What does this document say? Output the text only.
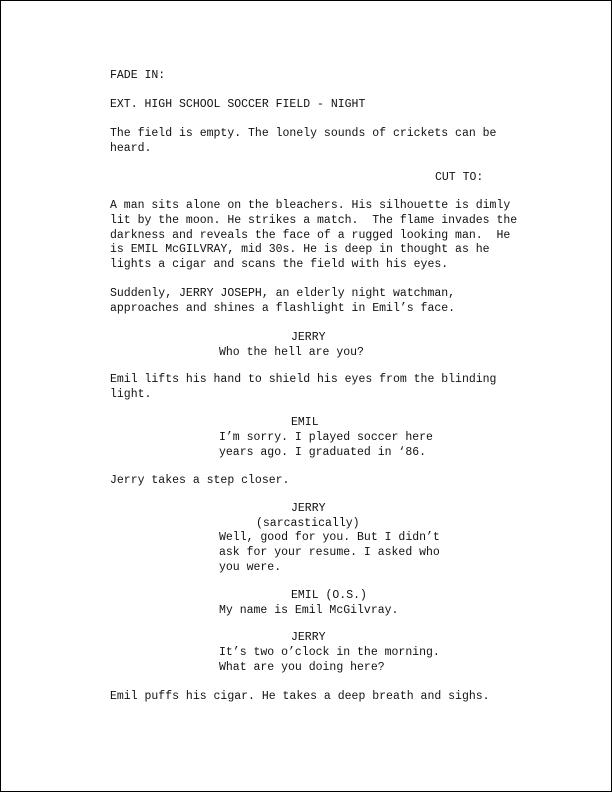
FADE IN:
EXT. HIGH SCHOOL SOCCER FIELD - NIGHT
The field is empty. The lonely sounds of crickets can be
heard.
CUT TO:
A man sits alone on the bleachers. His silhouette is dimly
lit by the moon. He strikes a match.  The flame invades the
darkness and reveals the face of a rugged looking man.  He
is EMIL McGILVRAY, mid 30s. He is deep in thought as he
lights a cigar and scans the field with his eyes.
Suddenly, JERRY JOSEPH, an elderly night watchman,
approaches and shines a flashlight in Emil’s face.
JERRY
Who the hell are you?
Emil lifts his hand to shield his eyes from the blinding
light.
EMIL
I’m sorry. I played soccer here
years ago. I graduated in ‘86.
Jerry takes a step closer.
JERRY
(sarcastically)
Well, good for you. But I didn’t
ask for your resume. I asked who
you were.
EMIL (O.S.)
My name is Emil McGilvray.
JERRY
It’s two o’clock in the morning.
What are you doing here?
Emil puffs his cigar. He takes a deep breath and sighs.
